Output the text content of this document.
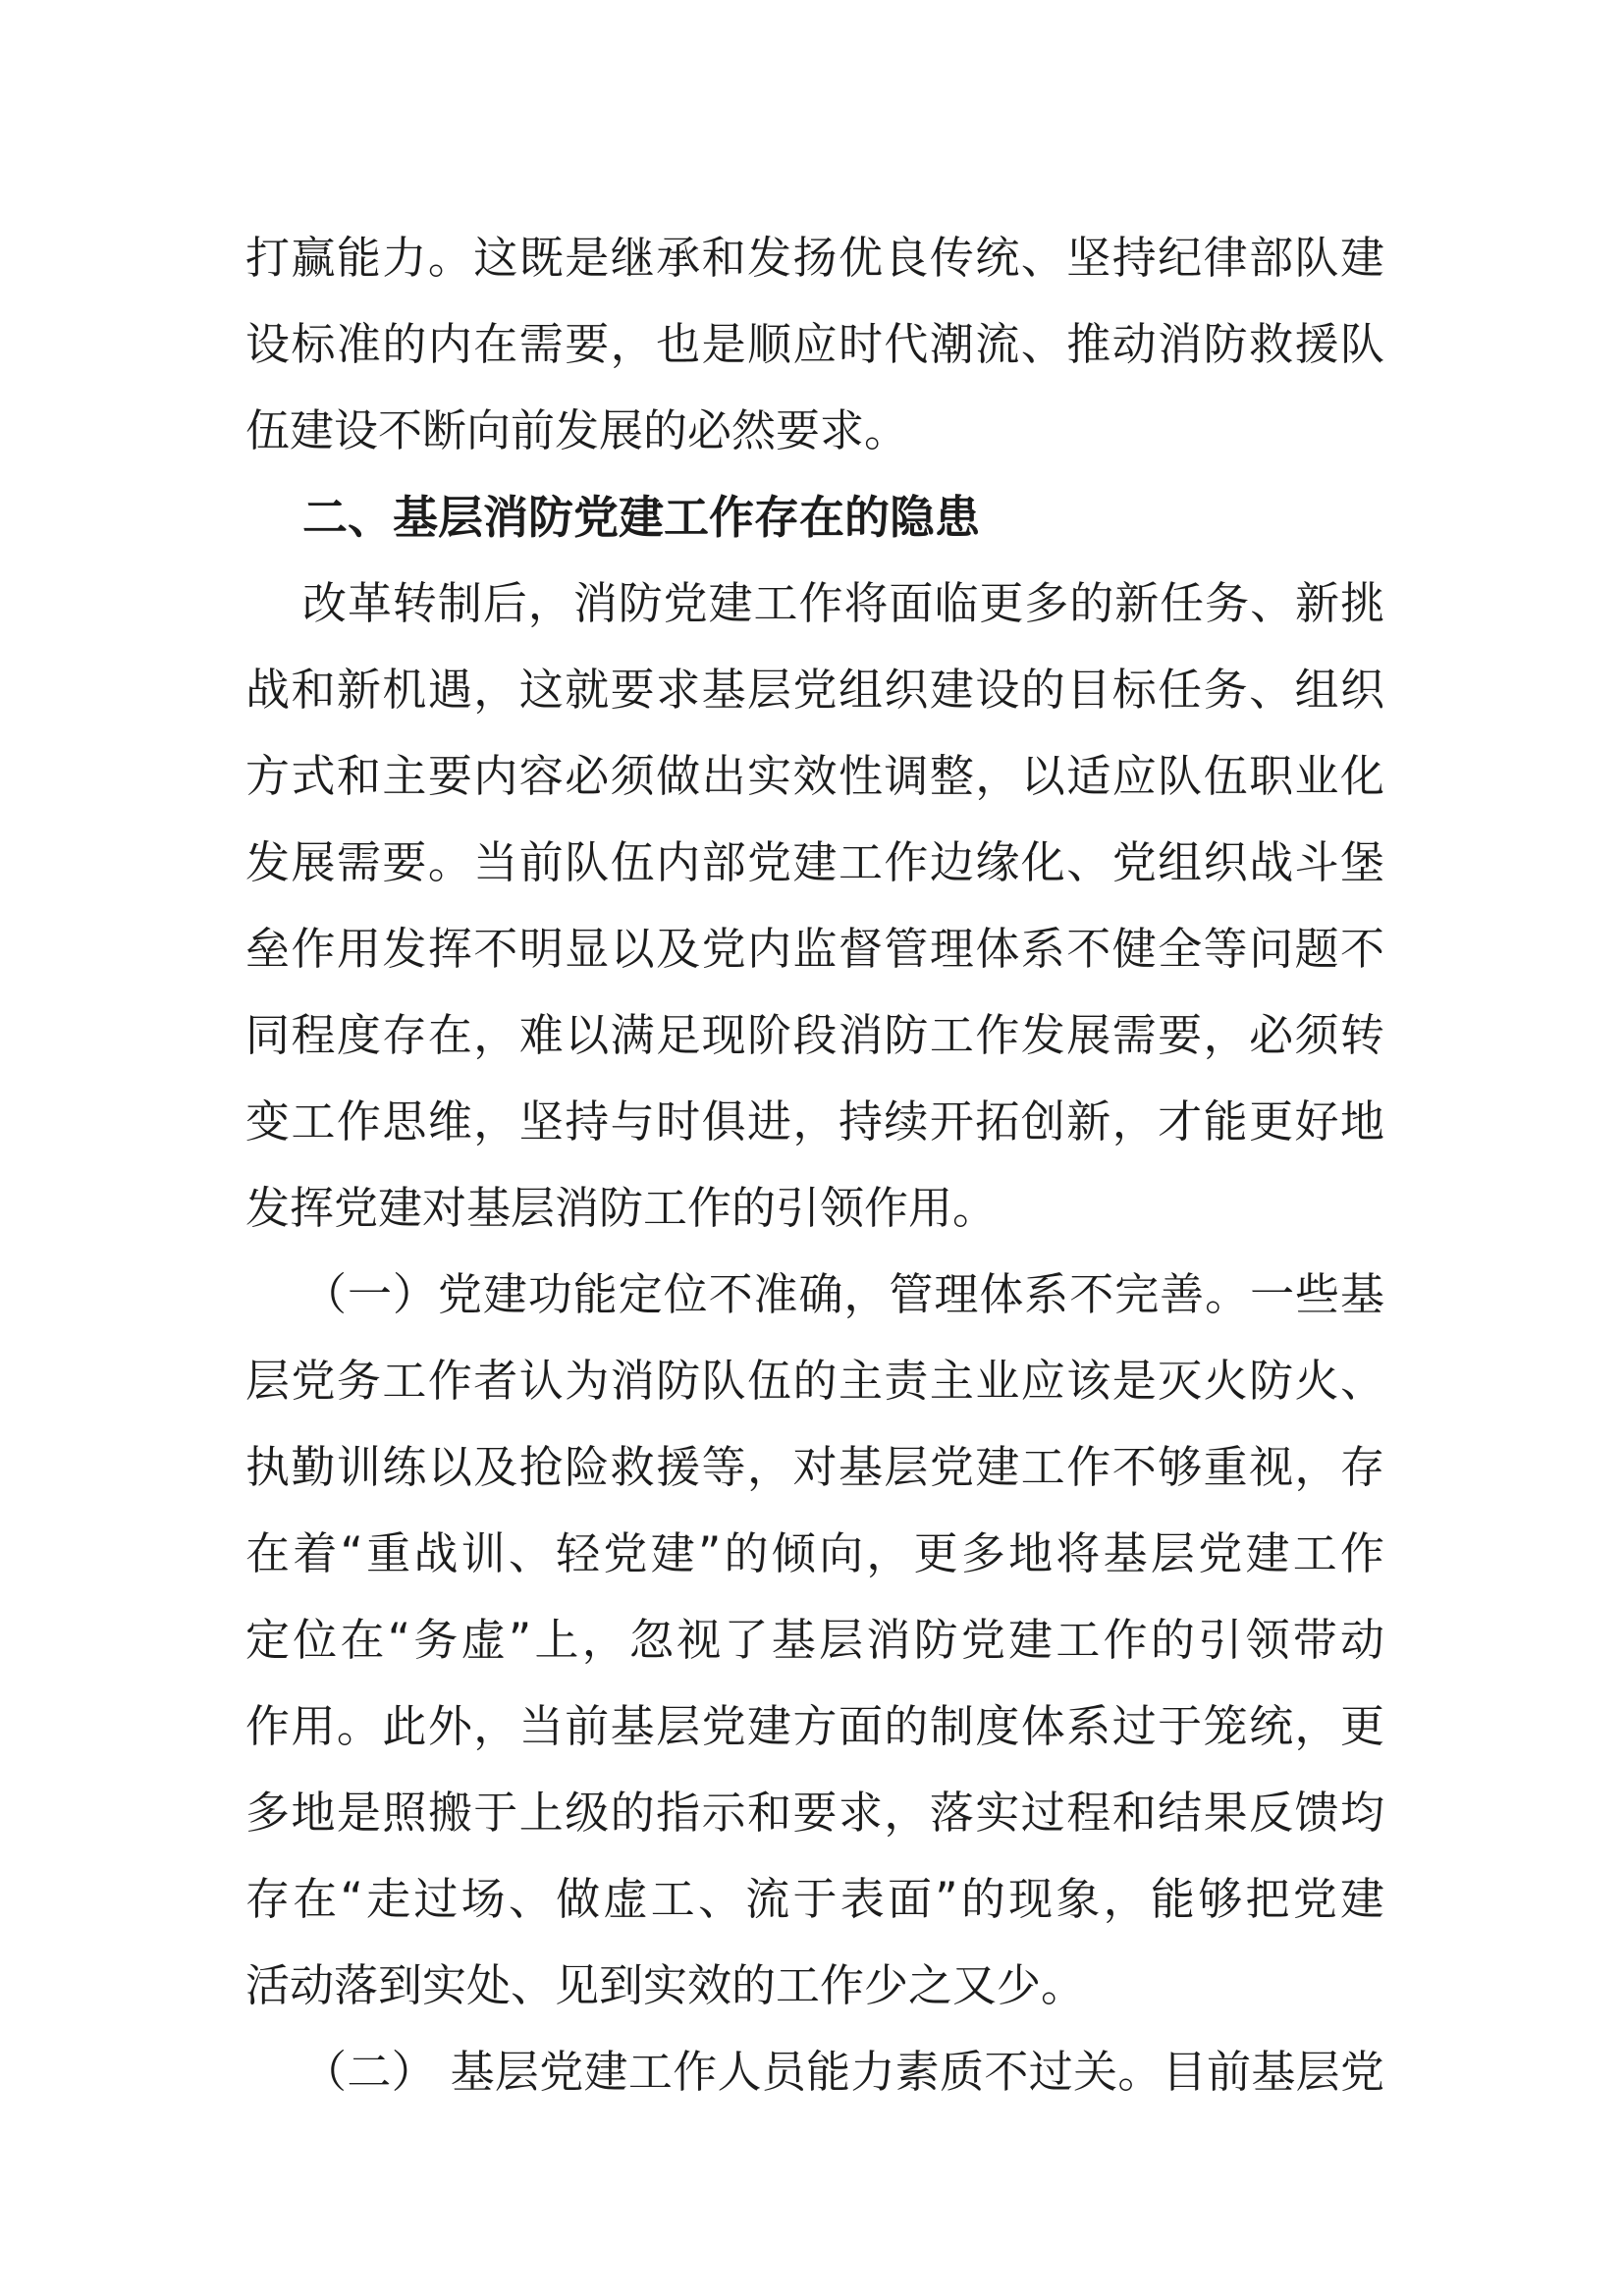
打赢能力。这既是继承和发扬优良传统、坚持纪律部队建
设标准的内在需要，也是顺应时代潮流、推动消防救援队
伍建设不断向前发展的必然要求。
二、基层消防党建工作存在的隐患
改革转制后，消防党建工作将面临更多的新任务、新挑
战和新机遇，这就要求基层党组织建设的目标任务、组织
方式和主要内容必须做出实效性调整，以适应队伍职业化
发展需要。当前队伍内部党建工作边缘化、党组织战斗堡
垒作用发挥不明显以及党内监督管理体系不健全等问题不
同程度存在，难以满足现阶段消防工作发展需要，必须转
变工作思维，坚持与时俱进，持续开拓创新，才能更好地
发挥党建对基层消防工作的引领作用。
（一）党建功能定位不准确，管理体系不完善。一些基
层党务工作者认为消防队伍的主责主业应该是灭火防火、
执勤训练以及抢险救援等，对基层党建工作不够重视，存
在着“重战训、轻党建”的倾向，更多地将基层党建工作
定位在“务虚”上，忽视了基层消防党建工作的引领带动
作用。此外，当前基层党建方面的制度体系过于笼统，更
多地是照搬于上级的指示和要求，落实过程和结果反馈均
存在“走过场、做虚工、流于表面”的现象，能够把党建
活动落到实处、见到实效的工作少之又少。
（二） 基层党建工作人员能力素质不过关。目前基层党
